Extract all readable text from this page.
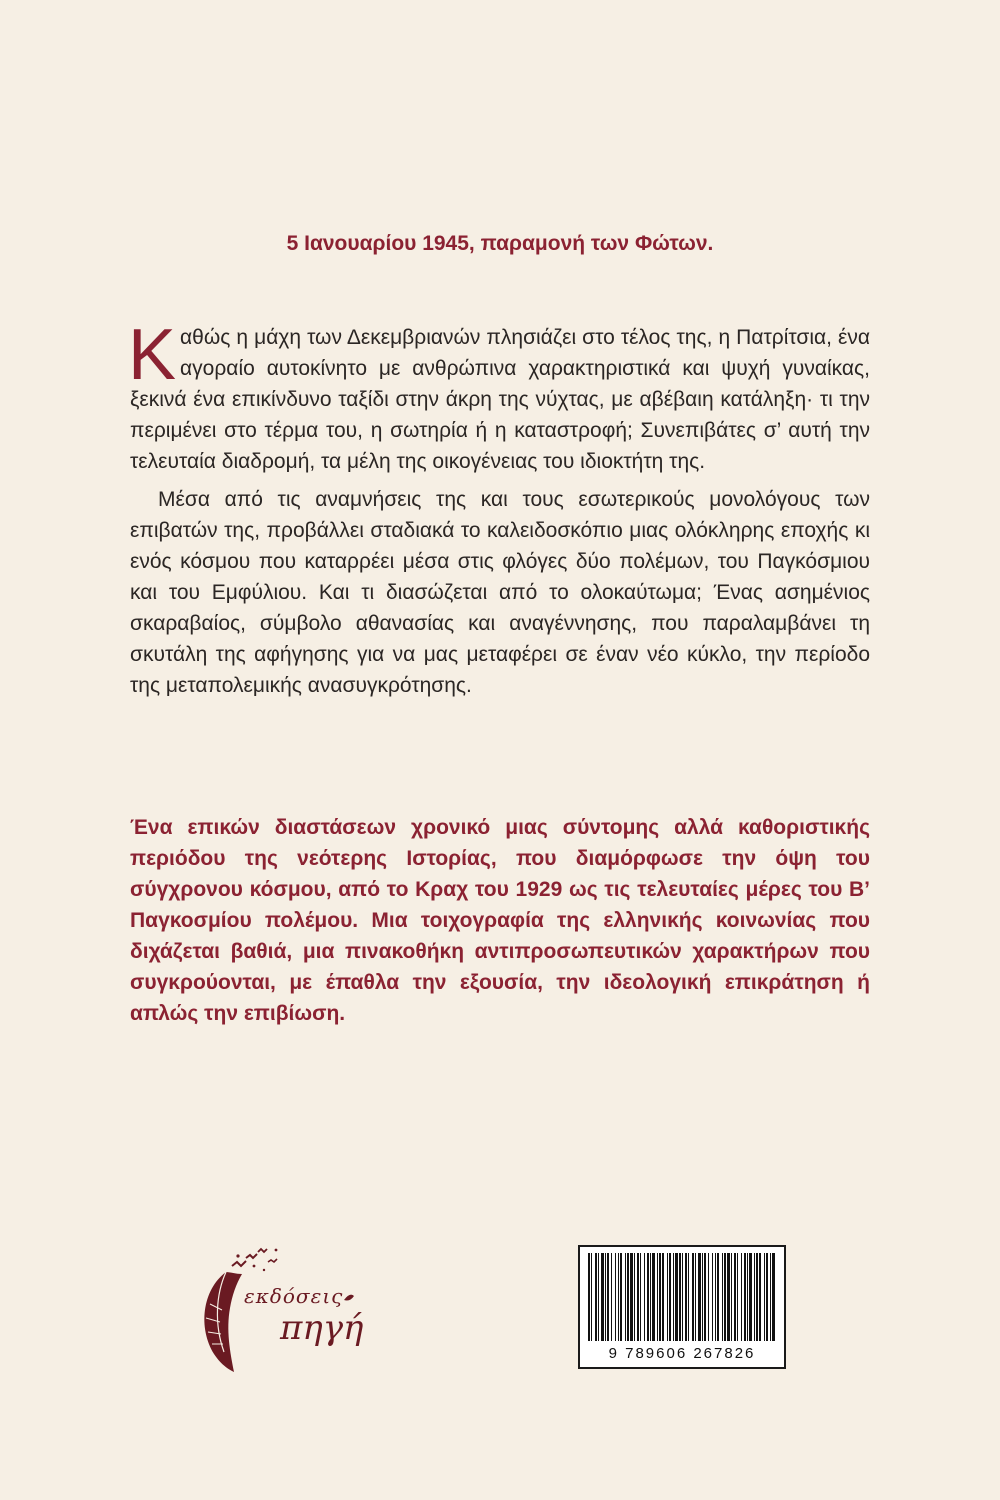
5 Ιανουαρίου 1945, παραμονή των Φώτων.

Καθώς η μάχη των Δεκεμβριανών πλησιάζει στο τέλος της, η Πατρίτσια, ένα αγοραίο αυτοκίνητο με ανθρώπινα χαρακτηριστικά και ψυχή γυναίκας, ξεκινά ένα επικίνδυνο ταξίδι στην άκρη της νύχτας, με αβέβαιη κατάληξη· τι την περιμένει στο τέρμα του, η σωτηρία ή η καταστροφή; Συνεπιβάτες σ’ αυτή την τελευταία διαδρομή, τα μέλη της οικογένειας του ιδιοκτήτη της.

Μέσα από τις αναμνήσεις της και τους εσωτερικούς μονολόγους των επιβατών της, προβάλλει σταδιακά το καλειδοσκόπιο μιας ολόκληρης εποχής κι ενός κόσμου που καταρρέει μέσα στις φλόγες δύο πολέμων, του Παγκόσμιου και του Εμφύλιου. Και τι διασώζεται από το ολοκαύτωμα; Ένας ασημένιος σκαραβαίος, σύμβολο αθανασίας και αναγέννησης, που παραλαμβάνει τη σκυτάλη της αφήγησης για να μας μεταφέρει σε έναν νέο κύκλο, την περίοδο της μεταπολεμικής ανασυγκρότησης.

Ένα επικών διαστάσεων χρονικό μιας σύντομης αλλά καθοριστικής περιόδου της νεότερης Ιστορίας, που διαμόρφωσε την όψη του σύγχρονου κόσμου, από το Κραχ του 1929 ως τις τελευταίες μέρες του Β’ Παγκοσμίου πολέμου. Μια τοιχογραφία της ελληνικής κοινωνίας που διχάζεται βαθιά, μια πινακοθήκη αντιπροσωπευτικών χαρακτήρων που συγκρούονται, με έπαθλα την εξουσία, την ιδεολογική επικράτηση ή απλώς την επιβίωση.
εκδόσεις
πηγή
9 789606 267826
